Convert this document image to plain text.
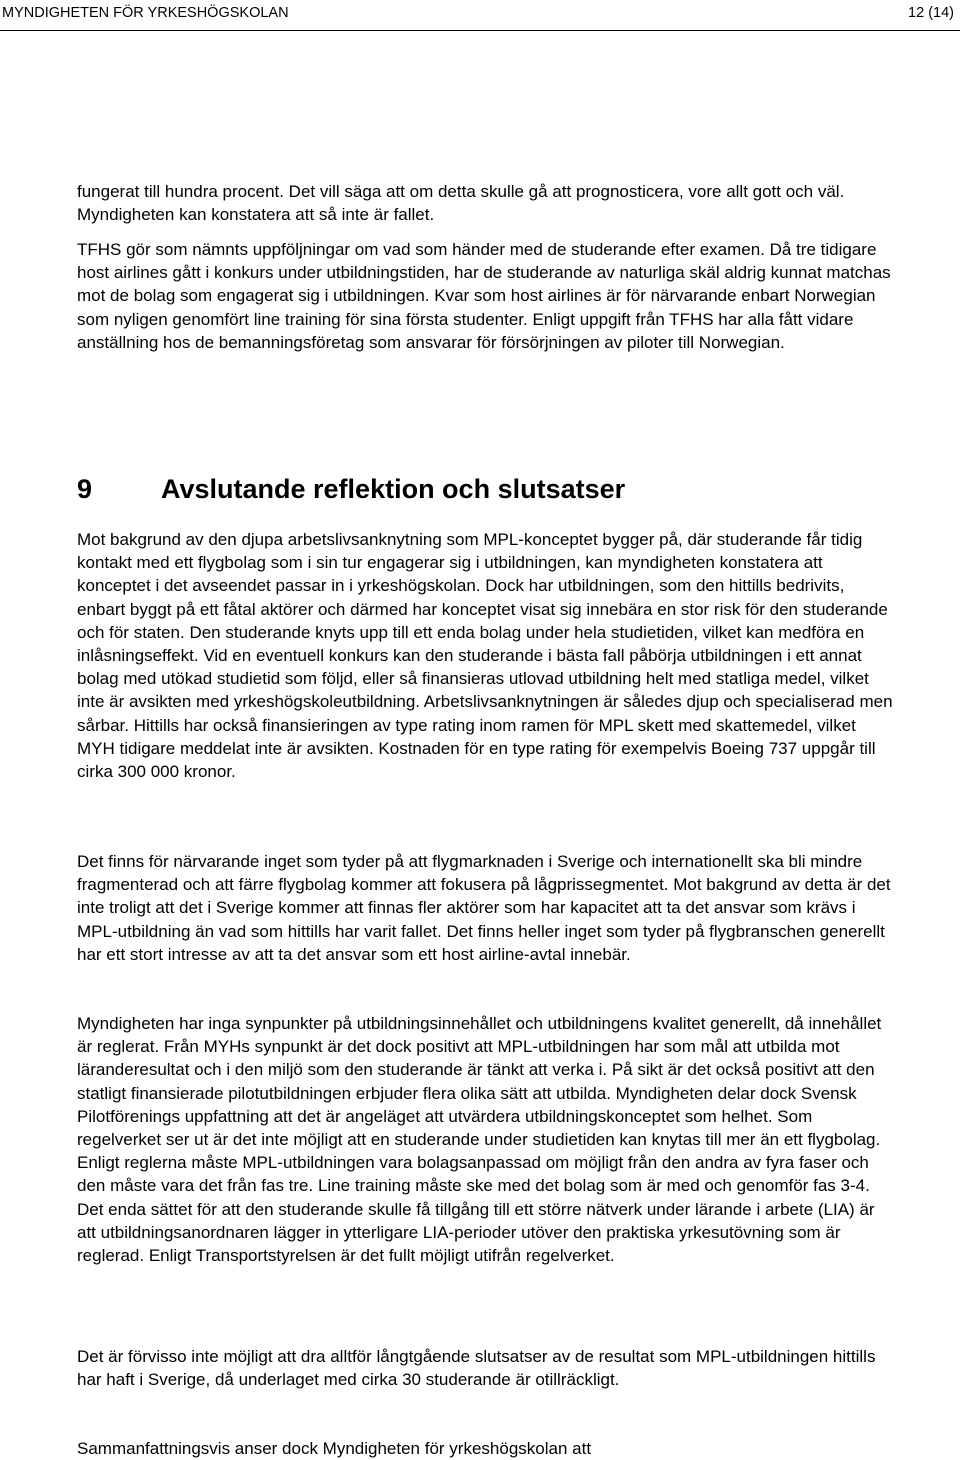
MYNDIGHETEN FÖR YRKESHÖGSKOLAN	12 (14)

fungerat till hundra procent. Det vill säga att om detta skulle gå att prognosticera, vore allt gott och väl. Myndigheten kan konstatera att så inte är fallet.

TFHS gör som nämnts uppföljningar om vad som händer med de studerande efter examen. Då tre tidigare host airlines gått i konkurs under utbildningstiden, har de studerande av naturliga skäl aldrig kunnat matchas mot de bolag som engagerat sig i utbildningen. Kvar som host airlines är för närvarande enbart Norwegian som nyligen genomfört line training för sina första studenter. Enligt uppgift från TFHS har alla fått vidare anställning hos de bemanningsföretag som ansvarar för försörjningen av piloter till Norwegian.

9	Avslutande reflektion och slutsatser

Mot bakgrund av den djupa arbetslivsanknytning som MPL-konceptet bygger på, där studerande får tidig kontakt med ett flygbolag som i sin tur engagerar sig i utbildningen, kan myndigheten konstatera att konceptet i det avseendet passar in i yrkeshögskolan. Dock har utbildningen, som den hittills bedrivits, enbart byggt på ett fåtal aktörer och därmed har konceptet visat sig innebära en stor risk för den studerande och för staten. Den studerande knyts upp till ett enda bolag under hela studietiden, vilket kan medföra en inlåsningseffekt. Vid en eventuell konkurs kan den studerande i bästa fall påbörja utbildningen i ett annat bolag med utökad studietid som följd, eller så finansieras utlovad utbildning helt med statliga medel, vilket inte är avsikten med yrkeshögskoleutbildning. Arbetslivsanknytningen är således djup och specialiserad men sårbar. Hittills har också finansieringen av type rating inom ramen för MPL skett med skattemedel, vilket MYH tidigare meddelat inte är avsikten. Kostnaden för en type rating för exempelvis Boeing 737 uppgår till cirka 300 000 kronor.

Det finns för närvarande inget som tyder på att flygmarknaden i Sverige och internationellt ska bli mindre fragmenterad och att färre flygbolag kommer att fokusera på lågprissegmentet. Mot bakgrund av detta är det inte troligt att det i Sverige kommer att finnas fler aktörer som har kapacitet att ta det ansvar som krävs i MPL-utbildning än vad som hittills har varit fallet. Det finns heller inget som tyder på flygbranschen generellt har ett stort intresse av att ta det ansvar som ett host airline-avtal innebär.

Myndigheten har inga synpunkter på utbildningsinnehållet och utbildningens kvalitet generellt, då innehållet är reglerat. Från MYHs synpunkt är det dock positivt att MPL-utbildningen har som mål att utbilda mot läranderesultat och i den miljö som den studerande är tänkt att verka i. På sikt är det också positivt att den statligt finansierade pilotutbildningen erbjuder flera olika sätt att utbilda. Myndigheten delar dock Svensk Pilotförenings uppfattning att det är angeläget att utvärdera utbildningskonceptet som helhet. Som regelverket ser ut är det inte möjligt att en studerande under studietiden kan knytas till mer än ett flygbolag. Enligt reglerna måste MPL-utbildningen vara bolagsanpassad om möjligt från den andra av fyra faser och den måste vara det från fas tre. Line training måste ske med det bolag som är med och genomför fas 3-4. Det enda sättet för att den studerande skulle få tillgång till ett större nätverk under lärande i arbete (LIA) är att utbildningsanordnaren lägger in ytterligare LIA-perioder utöver den praktiska yrkesutövning som är reglerad. Enligt Transportstyrelsen är det fullt möjligt utifrån regelverket.

Det är förvisso inte möjligt att dra alltför långtgående slutsatser av de resultat som MPL-utbildningen hittills har haft i Sverige, då underlaget med cirka 30 studerande är otillräckligt.

Sammanfattningsvis anser dock Myndigheten för yrkeshögskolan att
